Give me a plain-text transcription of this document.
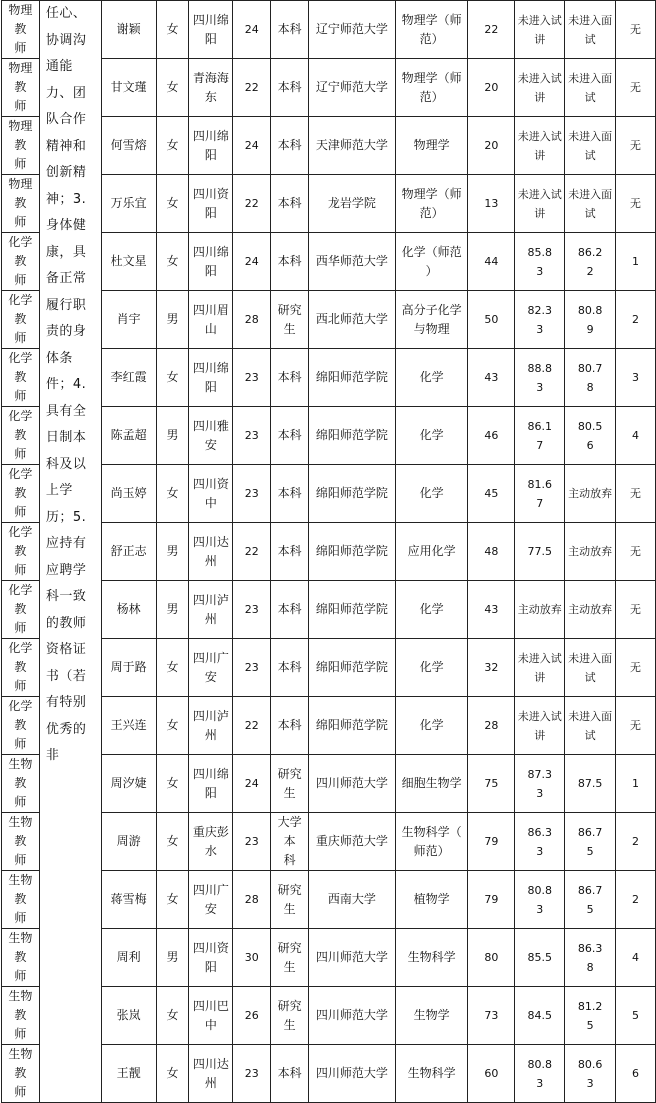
物理教
师	任心、协调沟通能力、团队合作精神和创新精神；3.身体健康，具备正常履行职责的身体条件；4.具有全日制本科及以上学历；5.应持有应聘学科一致的教师资格证书（若有特别优秀的非	谢颖	女	四川绵
阳	24	本科	辽宁师范大学	物理学（师
范）	22	未进入试
讲	未进入面
试	无

物理教
师		甘文瑾	女	青海海
东	22	本科	辽宁师范大学	物理学（师
范）	20	未进入试
讲	未进入面
试	无

物理教
师		何雪熔	女	四川绵
阳	24	本科	天津师范大学	物理学	20	未进入试
讲	未进入面
试	无

物理教
师		万乐宜	女	四川资
阳	22	本科	龙岩学院	物理学（师
范）	13	未进入试
讲	未进入面
试	无

化学教
师		杜文星	女	四川绵
阳	24	本科	西华师范大学	化学（师范
）	44	85.8
3	86.2
2	1

化学教
师		肖宇	男	四川眉
山	28	研究生	西北师范大学	高分子化学
与物理	50	82.3
3	80.8
9	2

化学教
师		李红霞	女	四川绵
阳	23	本科	绵阳师范学院	化学	43	88.8
3	80.7
8	3

化学教
师		陈孟超	男	四川雅
安	23	本科	绵阳师范学院	化学	46	86.1
7	80.5
6	4

化学教
师		尚玉婷	女	四川资
中	23	本科	绵阳师范学院	化学	45	81.6
7	主动放弃	无

化学教
师		舒正志	男	四川达
州	22	本科	绵阳师范学院	应用化学	48	77.5	主动放弃	无

化学教
师		杨林	男	四川泸
州	23	本科	绵阳师范学院	化学	43	主动放弃	主动放弃	无

化学教
师		周于路	女	四川广
安	23	本科	绵阳师范学院	化学	32	未进入试
讲	未进入面
试	无

化学教
师		王兴连	女	四川泸
州	22	本科	绵阳师范学院	化学	28	未进入试
讲	未进入面
试	无

生物教
师		周汐婕	女	四川绵
阳	24	研究生	四川师范大学	细胞生物学	75	87.3
3	87.5	1

生物教
师		周游	女	重庆彭
水	23	大学本
科	重庆师范大学	生物科学（
师范）	79	86.3
3	86.7
5	2

生物教
师		蒋雪梅	女	四川广
安	28	研究生	西南大学	植物学	79	80.8
3	86.7
5	2

生物教
师		周利	男	四川资
阳	30	研究生	四川师范大学	生物科学	80	85.5	86.3
8	4

生物教
师		张岚	女	四川巴
中	26	研究生	四川师范大学	生物学	73	84.5	81.2
5	5

生物教
师		王靓	女	四川达
州	23	本科	四川师范大学	生物科学	60	80.8
3	80.6
3	6
